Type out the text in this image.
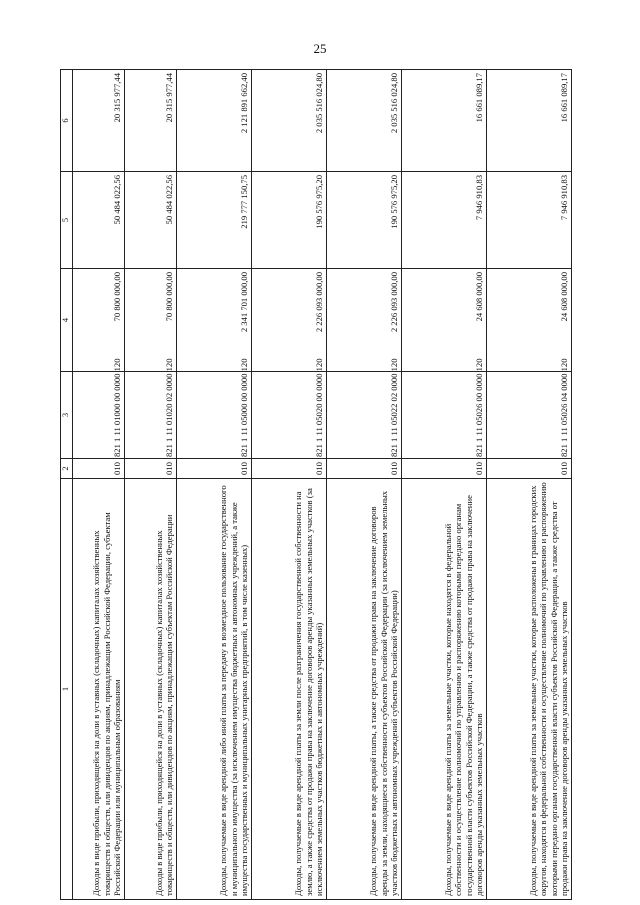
25
1	2	3	4	5	6
Доходы в виде прибыли, приходящейся на доли в уставных (складочных) капиталах хозяйственных товариществ и обществ, или дивидендов по акциям, принадлежащим Российской Федерации, субъектам Российской Федерации или муниципальным образованиям	010	821 1 11 01000 00 0000 120	70 800 000,00	50 484 022,56	20 315 977,44
Доходы в виде прибыли, приходящейся на доли в уставных (складочных) капиталах хозяйственных товариществ и обществ, или дивидендов по акциям, принадлежащим субъектам Российской Федерации	010	821 1 11 01020 02 0000 120	70 800 000,00	50 484 022,56	20 315 977,44
Доходы, получаемые в виде арендной либо иной платы за передачу в возмездное пользование государственного и муниципального имущества (за исключением имущества бюджетных и автономных учреждений, а также имущества государственных и муниципальных унитарных предприятий, в том числе казенных)	010	821 1 11 05000 00 0000 120	2 341 701 000,00	219 777 150,75	2 121 891 662,40
Доходы, получаемые в виде арендной платы за земли после разграничения государственной собственности на землю, а также средства от продажи права на заключение договоров аренды указанных земельных участков (за исключением земельных участков бюджетных и автономных учреждений)	010	821 1 11 05020 00 0000 120	2 226 093 000,00	190 576 975,20	2 035 516 024,80
Доходы, получаемые в виде арендной платы, а также средства от продажи права на заключение договоров аренды за земли, находящиеся в собственности субъектов Российской Федерации (за исключением земельных участков бюджетных и автономных учреждений субъектов Российской Федерации)	010	821 1 11 05022 02 0000 120	2 226 093 000,00	190 576 975,20	2 035 516 024,80
Доходы, получаемые в виде арендной платы за земельные участки, которые находятся в федеральной собственности и осуществление полномочий по управлению и распоряжению которыми передано органам государственной власти субъектов Российской Федерации, а также средства от продажи права на заключение договоров аренды указанных земельных участков	010	821 1 11 05026 00 0000 120	24 608 000,00	7 946 910,83	16 661 089,17
Доходы, получаемые в виде арендной платы за земельные участки, которые расположены в границах городских округов, находятся в федеральной собственности и осуществление полномочий по управлению и распоряжению которыми передано органам государственной власти субъектов Российской Федерации, а также средства от продажи права на заключение договоров аренды указанных земельных участков	010	821 1 11 05026 04 0000 120	24 608 000,00	7 946 910,83	16 661 089,17
